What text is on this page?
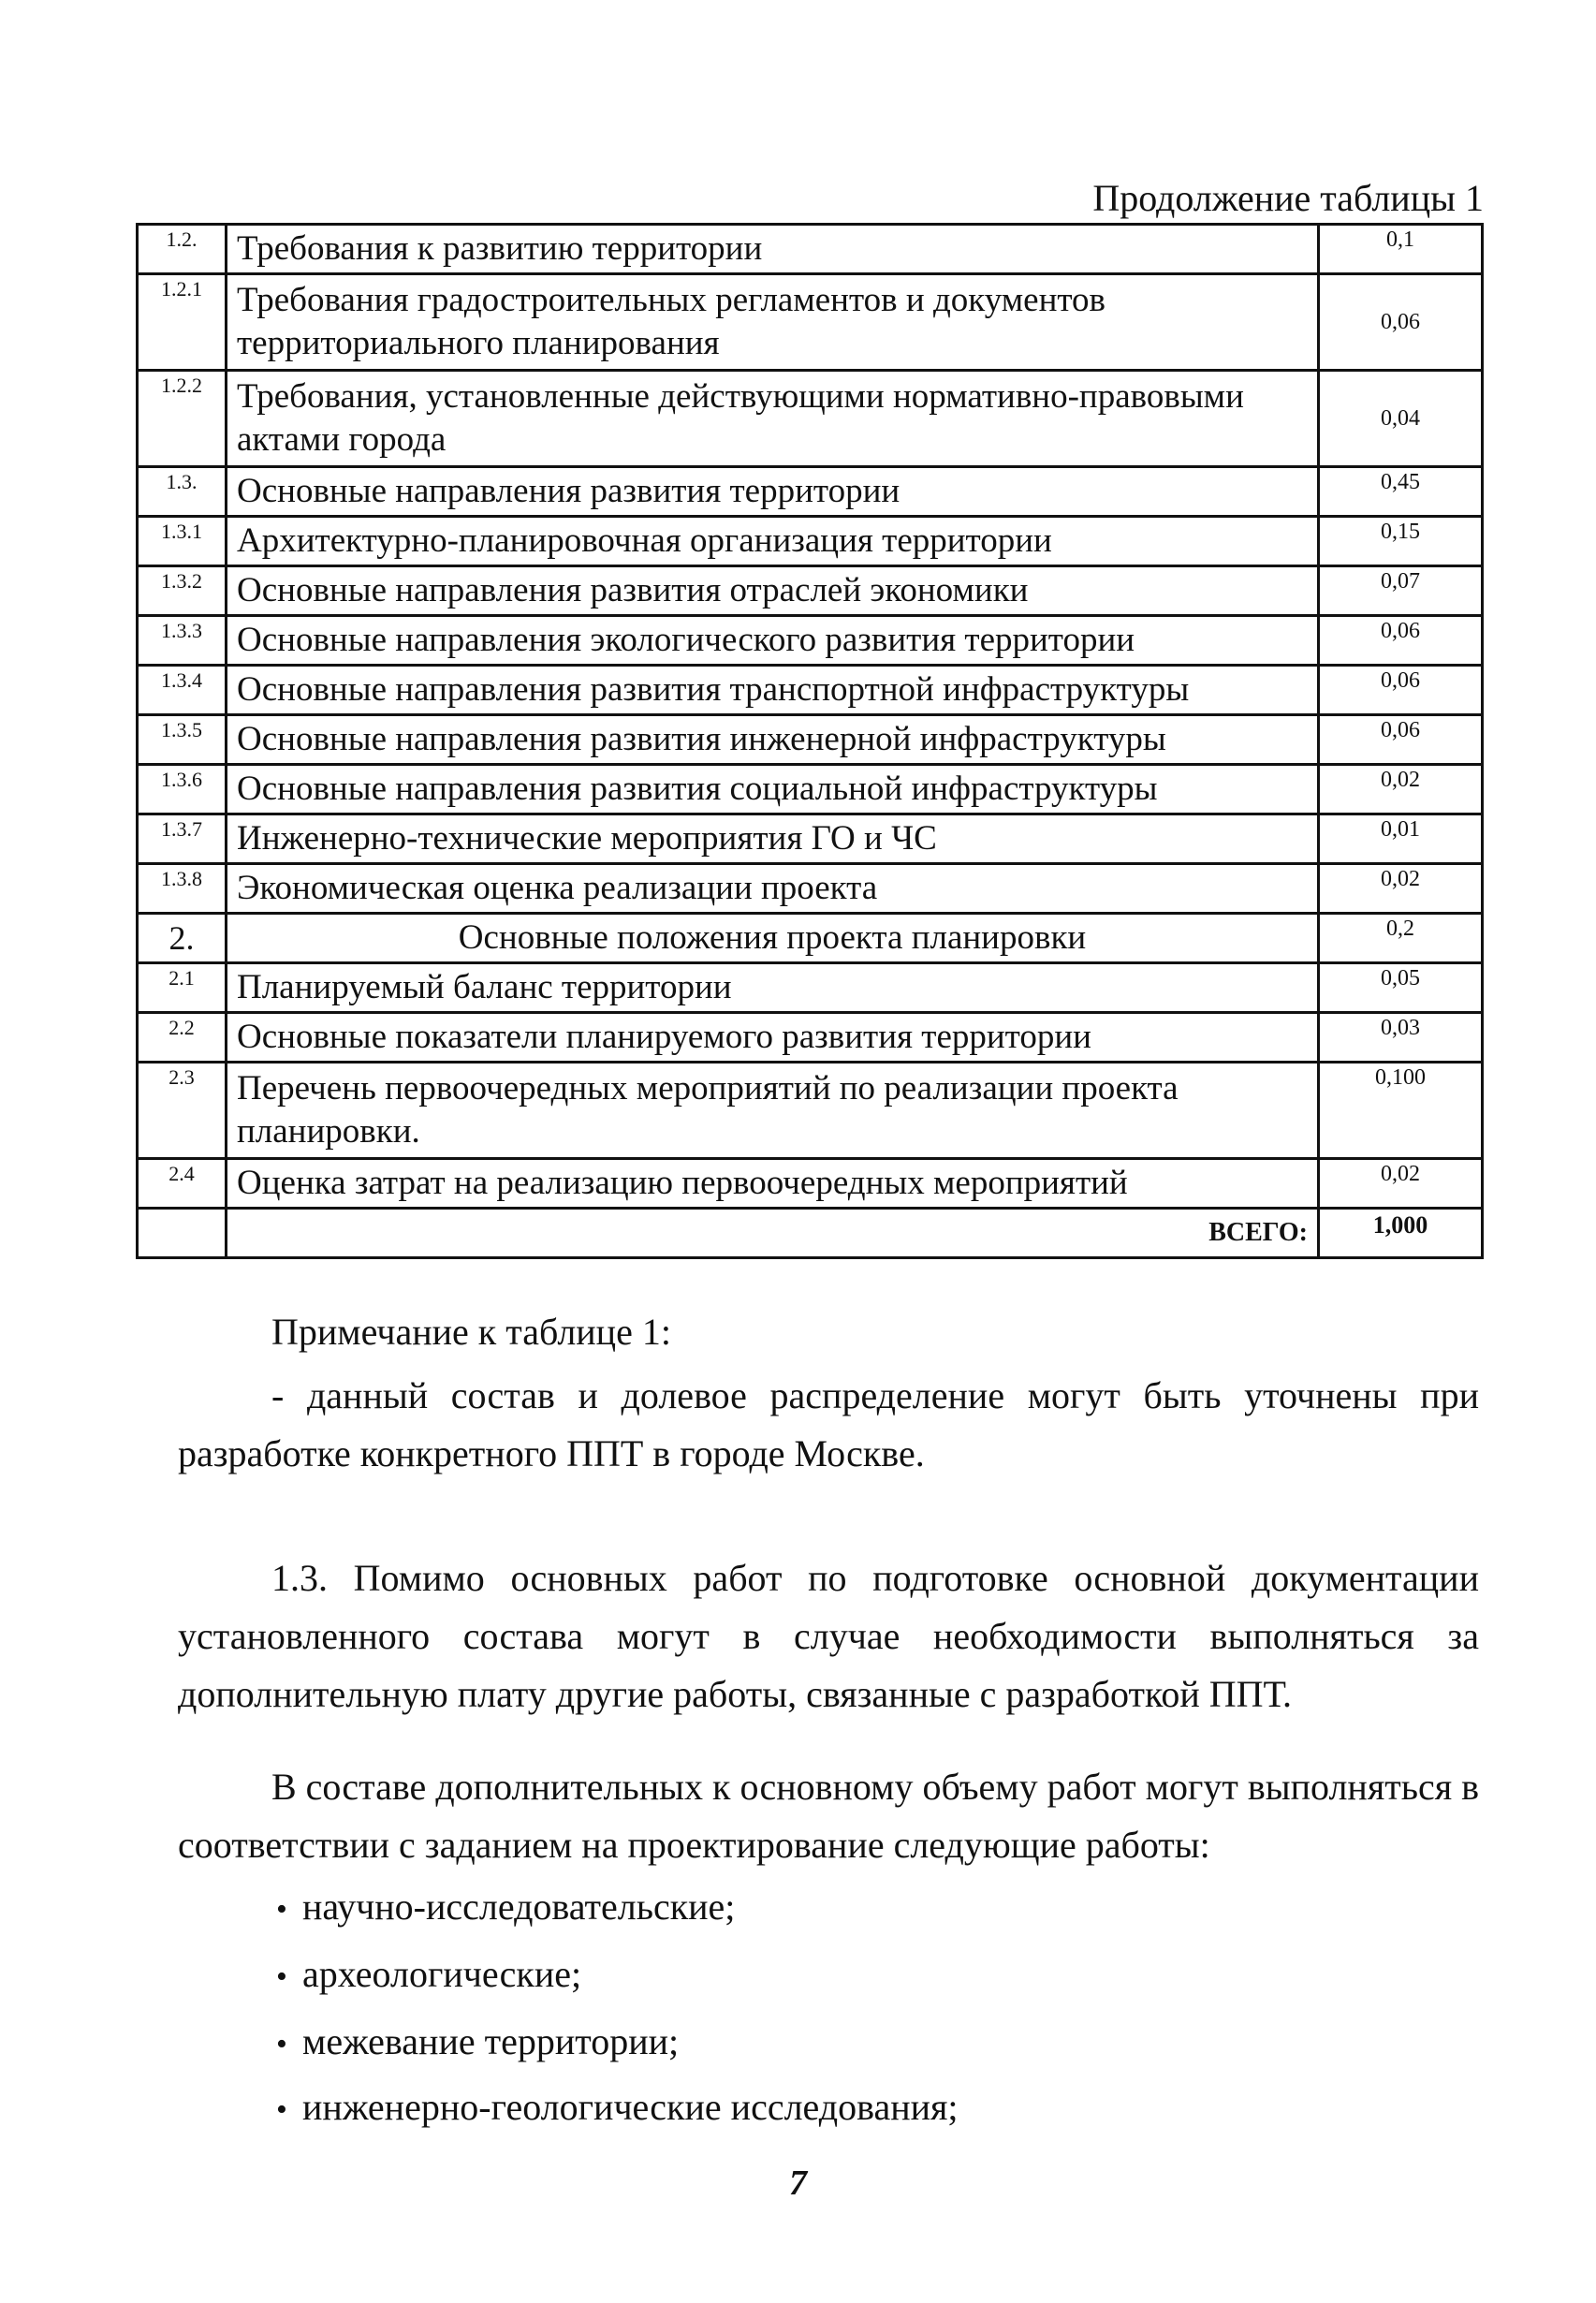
Продолжение таблицы 1
1.2.	Требования к развитию территории	0,1
1.2.1	Требования градостроительных регламентов и документов территориального планирования	0,06
1.2.2	Требования, установленные действующими нормативно-правовыми актами города	0,04
1.3.	Основные направления развития территории	0,45
1.3.1	Архитектурно-планировочная организация территории	0,15
1.3.2	Основные направления развития отраслей экономики	0,07
1.3.3	Основные направления экологического развития территории	0,06
1.3.4	Основные направления развития транспортной инфраструктуры	0,06
1.3.5	Основные направления развития инженерной инфраструктуры	0,06
1.3.6	Основные направления развития социальной инфраструктуры	0,02
1.3.7	Инженерно-технические мероприятия ГО и ЧС	0,01
1.3.8	Экономическая оценка реализации проекта	0,02
2.	Основные положения проекта планировки	0,2
2.1	Планируемый баланс территории	0,05
2.2	Основные показатели планируемого развития территории	0,03
2.3	Перечень первоочередных мероприятий по реализации проекта планировки.	0,100
2.4	Оценка затрат на реализацию первоочередных мероприятий	0,02
	ВСЕГО:	1,000

Примечание к таблице 1:

- данный состав и долевое распределение могут быть уточнены при разработке конкретного ППТ в городе Москве.

1.3. Помимо основных работ по подготовке основной документации установленного состава могут в случае необходимости выполняться за дополнительную плату другие работы, связанные с разработкой ППТ.

В составе дополнительных к основному объему работ могут выполняться в соответствии с заданием на проектирование следующие работы:

• научно-исследовательские;
• археологические;
• межевание территории;
• инженерно-геологические исследования;
7
